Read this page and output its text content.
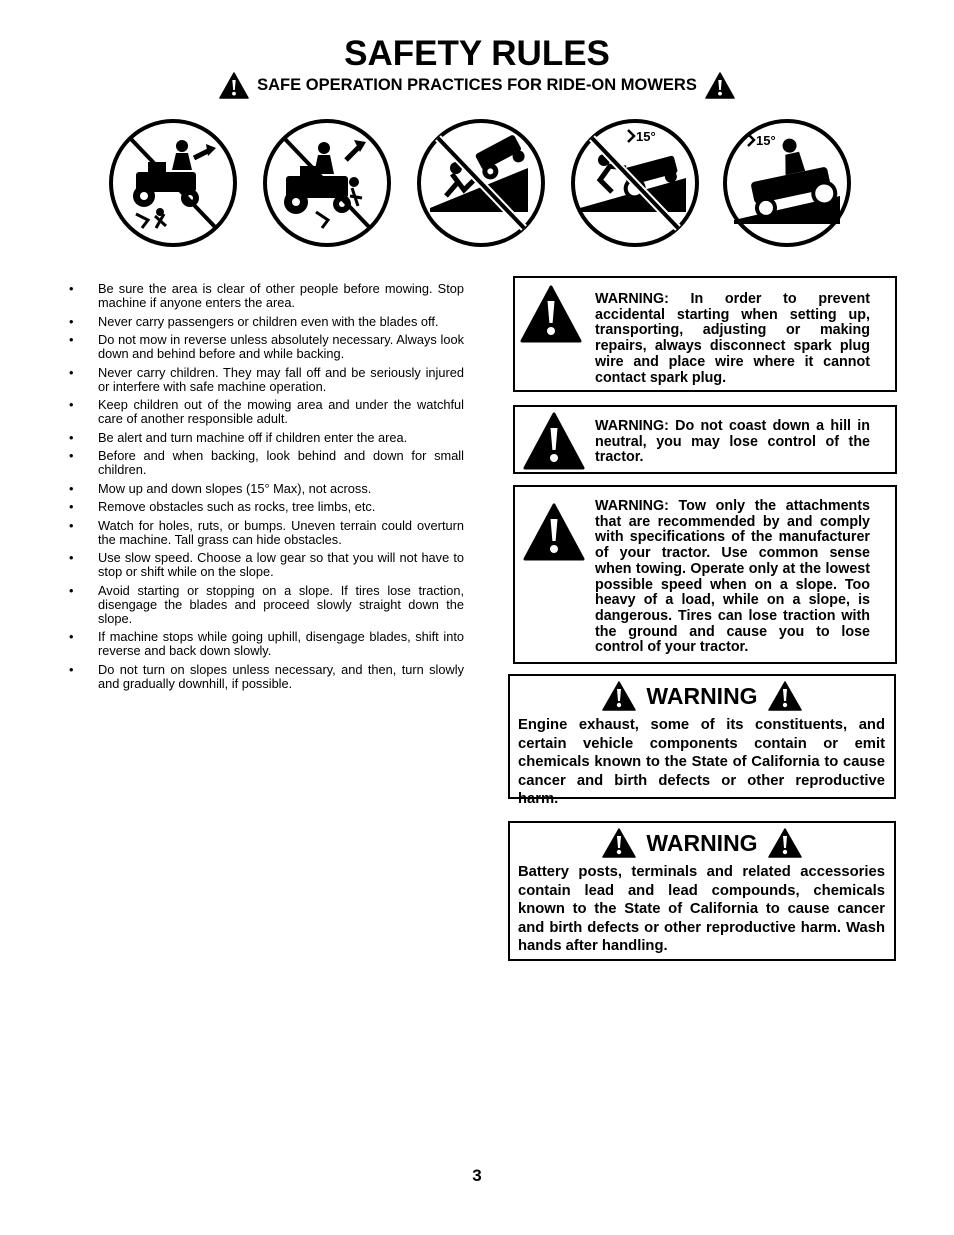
SAFETY RULES
SAFE OPERATION PRACTICES FOR RIDE-ON MOWERS
15°	15°
• Be sure the area is clear of other people before mowing. Stop machine if anyone enters the area.
• Never carry passengers or children even with the blades off.
• Do not mow in reverse unless absolutely necessary. Always look down and behind before and while backing.
• Never carry children. They may fall off and be seriously injured or interfere with safe machine operation.
• Keep children out of the mowing area and under the watchful care of another responsible adult.
• Be alert and turn machine off if children enter the area.
• Before and when backing, look behind and down for small children.
• Mow up and down slopes (15° Max), not across.
• Remove obstacles such as rocks, tree limbs, etc.
• Watch for holes, ruts, or bumps. Uneven terrain could overturn the machine. Tall grass can hide obstacles.
• Use slow speed. Choose a low gear so that you will not have to stop or shift while on the slope.
• Avoid starting or stopping on a slope. If tires lose traction, disengage the blades and proceed slowly straight down the slope.
• If machine stops while going uphill, disengage blades, shift into reverse and back down slowly.
• Do not turn on slopes unless necessary, and then, turn slowly and gradually downhill, if possible.
WARNING: In order to prevent accidental starting when setting up, transporting, adjusting or making repairs, always disconnect spark plug wire and place wire where it cannot contact spark plug.
WARNING: Do not coast down a hill in neutral, you may lose control of the tractor.
WARNING: Tow only the attachments that are recommended by and comply with specifications of the manufacturer of your tractor. Use common sense when towing. Operate only at the lowest possible speed when on a slope. Too heavy of a load, while on a slope, is dangerous. Tires can lose traction with the ground and cause you to lose control of your tractor.
WARNING
Engine exhaust, some of its constituents, and certain vehicle components contain or emit chemicals known to the State of California to cause cancer and birth defects or other reproductive harm.
WARNING
Battery posts, terminals and related accessories contain lead and lead compounds, chemicals known to the State of California to cause cancer and birth defects or other reproductive harm. Wash hands after handling.
3
